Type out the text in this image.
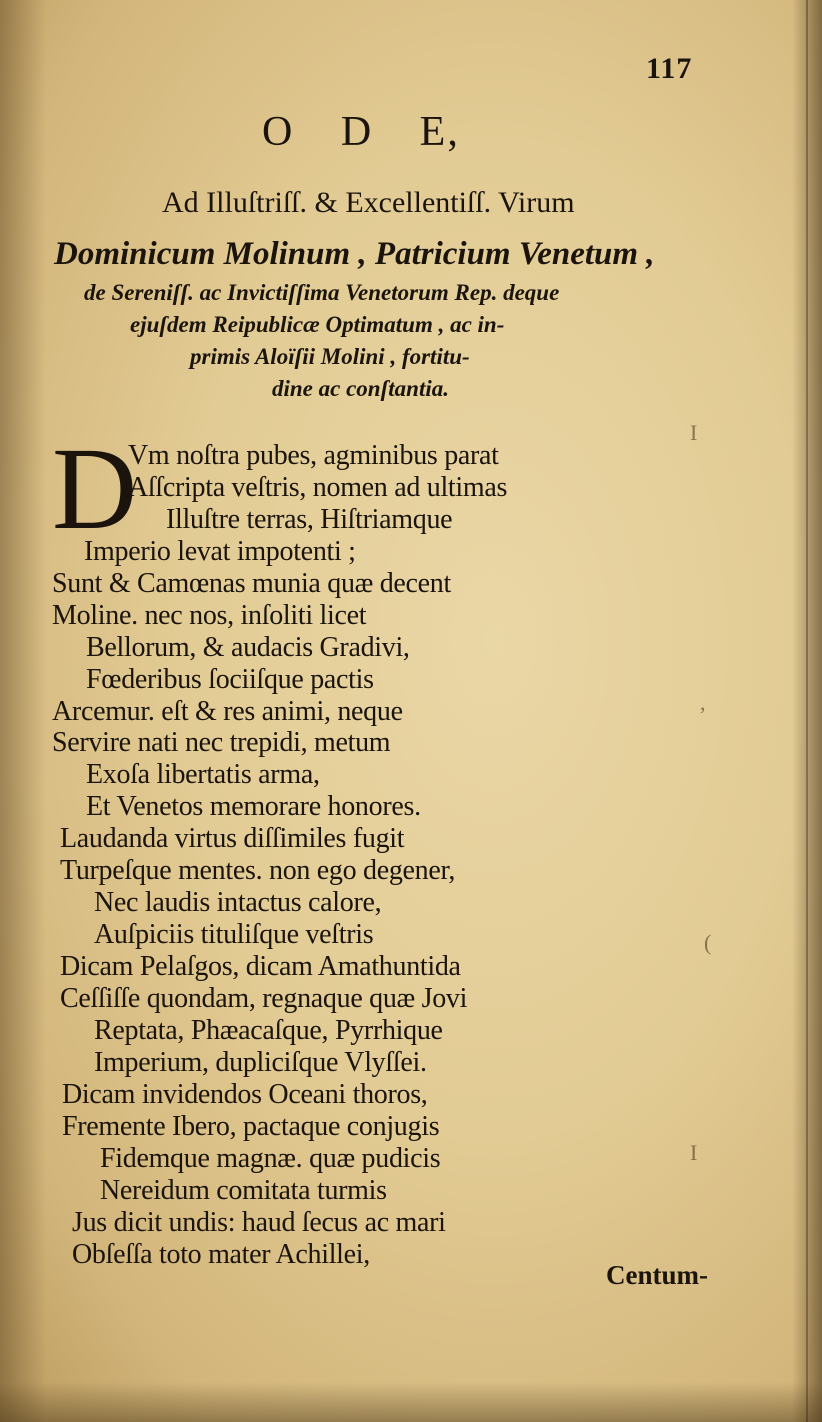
117
O D E,
Ad Illuſtriſſ. & Excellentiſſ. Virum
Dominicum Molinum , Patricium Venetum ,
de Sereniſſ. ac Invictiſſima Venetorum Rep. deque
ejuſdem Reipublicæ Optimatum , ac in-
primis Aloïſii Molini , fortitu-
dine ac conſtantia.
D
Vm noſtra pubes, agminibus parat
Aſſcripta veſtris, nomen ad ultimas
Illuſtre terras, Hiſtriamque
Imperio levat impotenti ;
Sunt & Camœnas munia quæ decent
Moline. nec nos, inſoliti licet
Bellorum, & audacis Gradivi,
Fœderibus ſociiſque pactis
Arcemur. eſt & res animi, neque
Servire nati nec trepidi, metum
Exoſa libertatis arma,
Et Venetos memorare honores.
Laudanda virtus diſſimiles fugit
Turpeſque mentes. non ego degener,
Nec laudis intactus calore,
Auſpiciis tituliſque veſtris
Dicam Pelaſgos, dicam Amathuntida
Ceſſiſſe quondam, regnaque quæ Jovi
Reptata, Phæacaſque, Pyrrhique
Imperium, dupliciſque Vlyſſei.
Dicam invidendos Oceani thoros,
Fremente Ibero, pactaque conjugis
Fidemque magnæ. quæ pudicis
Nereidum comitata turmis
Jus dicit undis: haud ſecus ac mari
Obſeſſa toto mater Achillei,
Centum-
I
,
(
I
